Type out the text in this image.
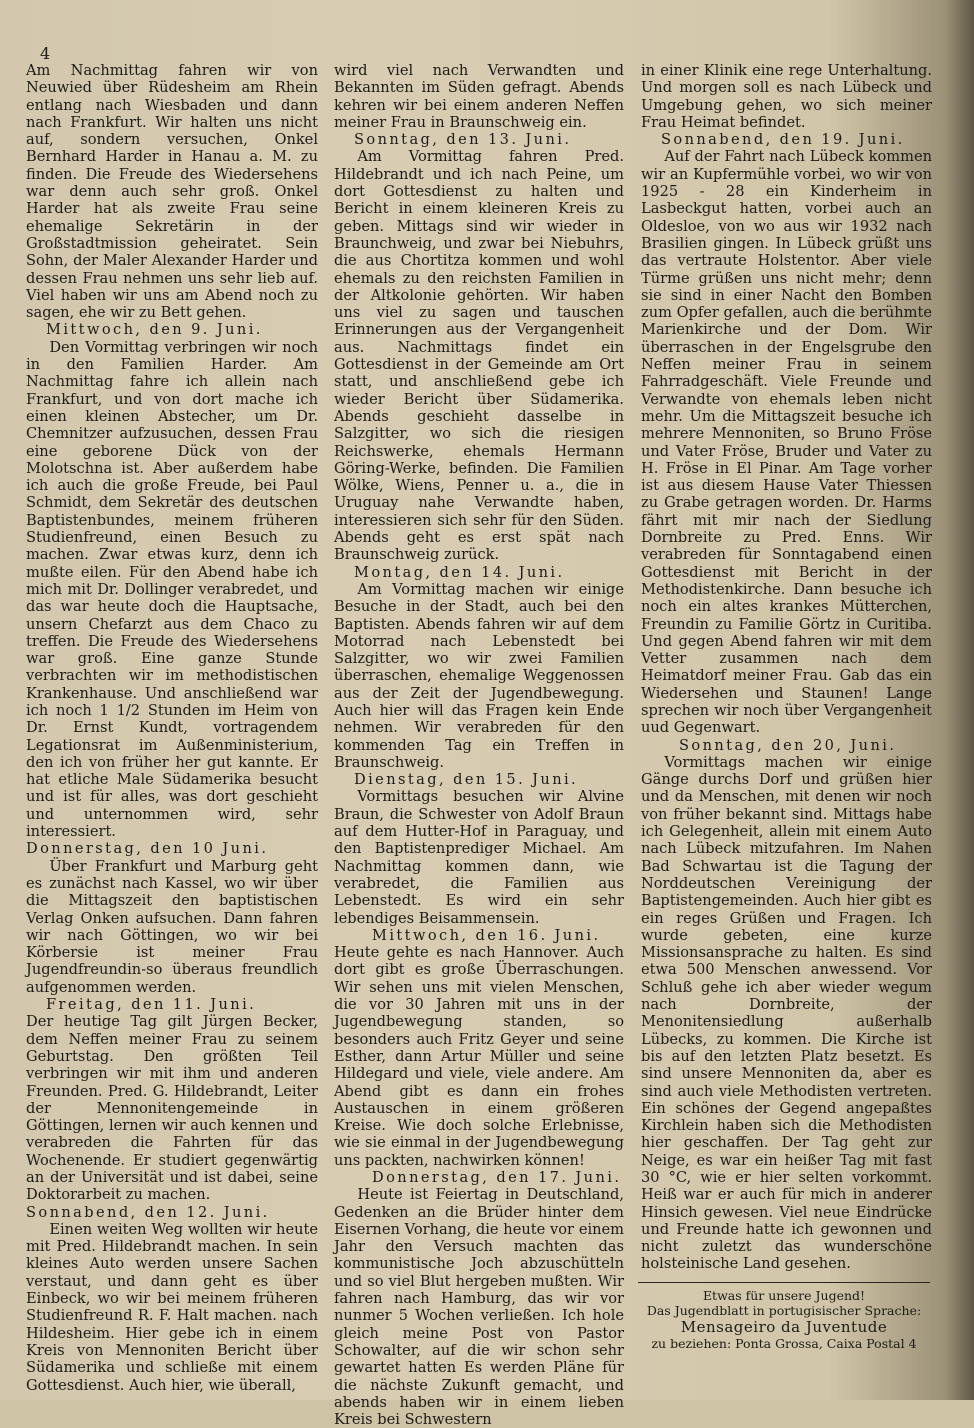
4

Am Nachmittag fahren wir von Neuwied über Rüdesheim am Rhein entlang nach Wiesbaden und dann nach Frankfurt. Wir halten uns nicht auf, sondern versuchen, Onkel Bernhard Harder in Hanau a. M. zu finden. Die Freude des Wiedersehens war denn auch sehr groß. Onkel Harder hat als zweite Frau seine ehemalige Sekretärin in der Großstadtmission geheiratet. Sein Sohn, der Maler Alexander Harder und dessen Frau nehmen uns sehr lieb auf. Viel haben wir uns am Abend noch zu sagen, ehe wir zu Bett gehen.

Mittwoch, den 9. Juni.

Den Vormittag verbringen wir noch in den Familien Harder. Am Nachmittag fahre ich allein nach Frankfurt, und von dort mache ich einen kleinen Abstecher, um Dr. Chemnitzer aufzusuchen, dessen Frau eine geborene Dück von der Molotschna ist. Aber außerdem habe ich auch die große Freude, bei Paul Schmidt, dem Sekretär des deutschen Baptistenbundes, meinem früheren Studienfreund, einen Besuch zu machen. Zwar etwas kurz, denn ich mußte eilen. Für den Abend habe ich mich mit Dr. Dollinger verabredet, und das war heute doch die Hauptsache, unsern Chefarzt aus dem Chaco zu treffen. Die Freude des Wiedersehens war groß. Eine ganze Stunde verbrachten wir im methodistischen Krankenhause. Und anschließend war ich noch 1 1/2 Stunden im Heim von Dr. Ernst Kundt, vortragendem Legationsrat im Außenministerium, den ich von früher her gut kannte. Er hat etliche Male Südamerika besucht und ist für alles, was dort geschieht und unternommen wird, sehr interessiert.

Donnerstag, den 10 Juni.

Über Frankfurt und Marburg geht es zunächst nach Kassel, wo wir über die Mittagszeit den baptistischen Verlag Onken aufsuchen. Dann fahren wir nach Göttingen, wo wir bei Körbersie ist meiner Frau Jugendfreundin-so überaus freundlich aufgenommen werden.

Freitag, den 11. Juni.

Der heutige Tag gilt Jürgen Becker, dem Neffen meiner Frau zu seinem Geburtstag. Den größten Teil verbringen wir mit ihm und anderen Freunden. Pred. G. Hildebrandt, Leiter der Mennonitengemeinde in Göttingen, lernen wir auch kennen und verabreden die Fahrten für das Wochenende. Er studiert gegenwärtig an der Universität und ist dabei, seine Doktorarbeit zu machen.

Sonnabend, den 12. Juni.

Einen weiten Weg wollten wir heute mit Pred. Hildebrandt machen. In sein kleines Auto werden unsere Sachen verstaut, und dann geht es über Einbeck, wo wir bei meinem früheren Studienfreund R. F. Halt machen. nach Hildesheim. Hier gebe ich in einem Kreis von Mennoniten Bericht über Südamerika und schließe mit einem Gottesdienst. Auch hier, wie überall,

wird viel nach Verwandten und Bekannten im Süden gefragt. Abends kehren wir bei einem anderen Neffen meiner Frau in Braunschweig ein.

Sonntag, den 13. Juni.

Am Vormittag fahren Pred. Hildebrandt und ich nach Peine, um dort Gottesdienst zu halten und Bericht in einem kleineren Kreis zu geben. Mittags sind wir wieder in Braunchweig, und zwar bei Niebuhrs, die aus Chortitza kommen und wohl ehemals zu den reichsten Familien in der Altkolonie gehörten. Wir haben uns viel zu sagen und tauschen Erinnerungen aus der Vergangenheit aus. Nachmittags findet ein Gottesdienst in der Gemeinde am Ort statt, und anschließend gebe ich wieder Bericht über Südamerika. Abends geschieht dasselbe in Salzgitter, wo sich die riesigen Reichswerke, ehemals Hermann Göring-Werke, befinden. Die Familien Wölke, Wiens, Penner u. a., die in Uruguay nahe Verwandte haben, interessieren sich sehr für den Süden. Abends geht es erst spät nach Braunschweig zurück.

Montag, den 14. Juni.

Am Vormittag machen wir einige Besuche in der Stadt, auch bei den Baptisten. Abends fahren wir auf dem Motorrad nach Lebenstedt bei Salzgitter, wo wir zwei Familien überraschen, ehemalige Weggenossen aus der Zeit der Jugendbewegung. Auch hier will das Fragen kein Ende nehmen. Wir verabreden für den kommenden Tag ein Treffen in Braunschweig.

Dienstag, den 15. Juni.

Vormittags besuchen wir Alvine Braun, die Schwester von Adolf Braun auf dem Hutter-Hof in Paraguay, und den Baptistenprediger Michael. Am Nachmittag kommen dann, wie verabredet, die Familien aus Lebenstedt. Es wird ein sehr lebendiges Beisammensein.

Mittwoch, den 16. Juni.

Heute gehte es nach Hannover. Auch dort gibt es große Überraschungen. Wir sehen uns mit vielen Menschen, die vor 30 Jahren mit uns in der Jugendbewegung standen, so besonders auch Fritz Geyer und seine Esther, dann Artur Müller und seine Hildegard und viele, viele andere. Am Abend gibt es dann ein frohes Austauschen in einem größeren Kreise. Wie doch solche Erlebnisse, wie sie einmal in der Jugendbewegung uns packten, nachwirken können!

Donnerstag, den 17. Juni.

Heute ist Feiertag in Deutschland, Gedenken an die Brüder hinter dem Eisernen Vorhang, die heute vor einem Jahr den Versuch machten das kommunistische Joch abzuschütteln und so viel Blut hergeben mußten. Wir fahren nach Hamburg, das wir vor nunmer 5 Wochen verließen. Ich hole gleich meine Post von Pastor Schowalter, auf die wir schon sehr gewartet hatten Es werden Pläne für die nächste Zukunft gemacht, und abends haben wir in einem lieben Kreis bei Schwestern

in einer Klinik eine rege Unterhaltung. Und morgen soll es nach Lübeck und Umgebung gehen, wo sich meiner Frau Heimat befindet.

Sonnabend, den 19. Juni.

Auf der Fahrt nach Lübeck kommen wir an Kupfermühle vorbei, wo wir von 1925 - 28 ein Kinderheim in Lasbeckgut hatten, vorbei auch an Oldesloe, von wo aus wir 1932 nach Brasilien gingen. In Lübeck grüßt uns das vertraute Holstentor. Aber viele Türme grüßen uns nicht mehr; denn sie sind in einer Nacht den Bomben zum Opfer gefallen, auch die berühmte Marienkirche und der Dom. Wir überraschen in der Engelsgrube den Neffen meiner Frau in seinem Fahrradgeschäft. Viele Freunde und Verwandte von ehemals leben nicht mehr. Um die Mittagszeit besuche ich mehrere Mennoniten, so Bruno Fröse und Vater Fröse, Bruder und Vater zu H. Fröse in El Pinar. Am Tage vorher ist aus diesem Hause Vater Thiessen zu Grabe getragen worden. Dr. Harms fährt mit mir nach der Siedlung Dornbreite zu Pred. Enns. Wir verabreden für Sonntagabend einen Gottesdienst mit Bericht in der Methodistenkirche. Dann besuche ich noch ein altes krankes Mütterchen, Freundin zu Familie Görtz in Curitiba. Und gegen Abend fahren wir mit dem Vetter zusammen nach dem Heimatdorf meiner Frau. Gab das ein Wiedersehen und Staunen! Lange sprechen wir noch über Vergangenheit uud Gegenwart.

Sonntag, den 20, Juni.

Vormittags machen wir einige Gänge durchs Dorf und grüßen hier und da Menschen, mit denen wir noch von früher bekannt sind. Mittags habe ich Gelegenheit, allein mit einem Auto nach Lübeck mitzufahren. Im Nahen Bad Schwartau ist die Tagung der Norddeutschen Vereinigung der Baptistengemeinden. Auch hier gibt es ein reges Grüßen und Fragen. Ich wurde gebeten, eine kurze Missionsansprache zu halten. Es sind etwa 500 Menschen anwessend. Vor Schluß gehe ich aber wieder wegum nach Dornbreite, der Menonitensiedlung außerhalb Lübecks, zu kommen. Die Kirche ist bis auf den letzten Platz besetzt. Es sind unsere Mennoniten da, aber es sind auch viele Methodisten vertreten. Ein schönes der Gegend angepaßtes Kirchlein haben sich die Methodisten hier geschaffen. Der Tag geht zur Neige, es war ein heißer Tag mit fast 30 °C, wie er hier selten vorkommt. Heiß war er auch für mich in anderer Hinsich gewesen. Viel neue Eindrücke und Freunde hatte ich gewonnen und nicht zuletzt das wunderschöne holsteinische Land gesehen.

Etwas für unsere Jugend!
Das Jugendblatt in portugisischer Sprache:
Mensageiro da Juventude
zu beziehen: Ponta Grossa, Caixa Postal 4
